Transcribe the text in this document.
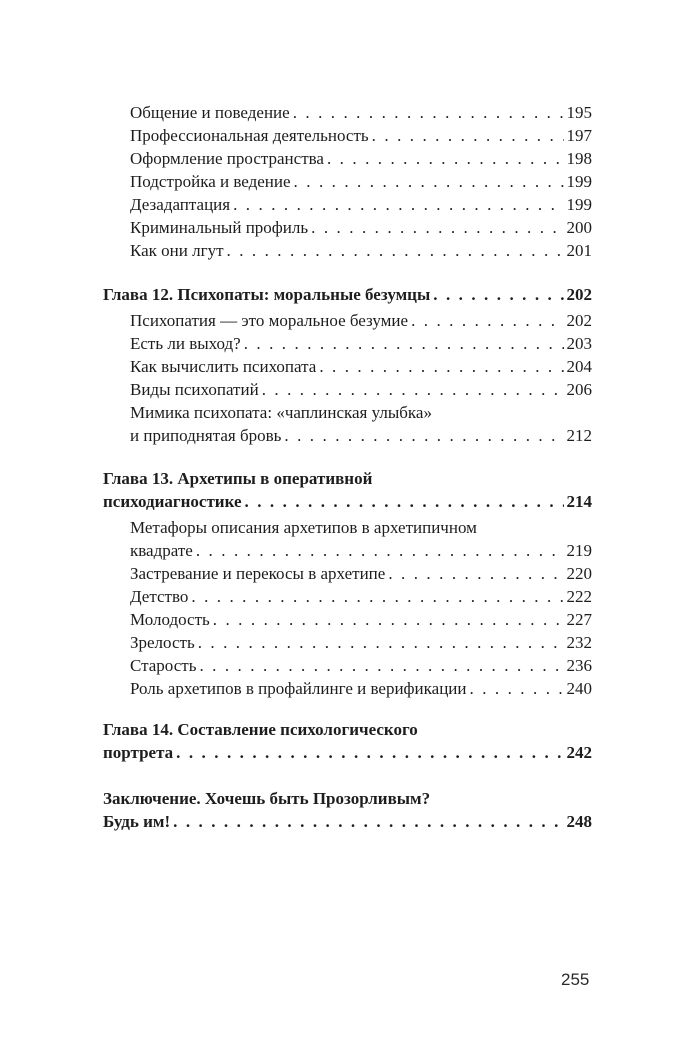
Общение и поведение . . .	195
Профессиональная деятельность . . .	197
Оформление пространства . . .	198
Подстройка и ведение . . .	199
Дезадаптация . . .	199
Криминальный профиль . . .	200
Как они лгут . . .	201
Глава 12. Психопаты: моральные безумцы . . .	202
Психопатия — это моральное безумие . . .	202
Есть ли выход? . . .	203
Как вычислить психопата . . .	204
Виды психопатий . . .	206
Мимика психопата: «чаплинская улыбка»
и приподнятая бровь . . .	212
Глава 13. Архетипы в оперативной
психодиагностике . . .	214
Метафоры описания архетипов в архетипичном
квадрате . . .	219
Застревание и перекосы в архетипе . . .	220
Детство . . .	222
Молодость . . .	227
Зрелость . . .	232
Старость . . .	236
Роль архетипов в профайлинге и верификации . . .	240
Глава 14. Составление психологического
портрета . . .	242
Заключение. Хочешь быть Прозорливым?
Будь им! . . .	248
255
